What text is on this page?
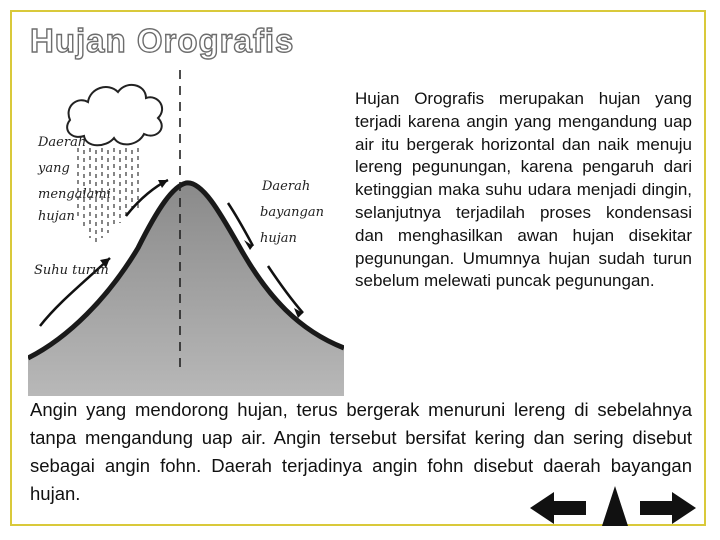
Hujan Orografis
Daerah yang mengalami hujan
Suhu turun
Daerah bayangan hujan

Hujan Orografis merupakan hujan yang terjadi karena angin yang mengandung uap air itu bergerak horizontal dan naik menuju lereng pegunungan, karena pengaruh dari ketinggian maka suhu udara menjadi dingin, selanjutnya terjadilah proses kondensasi dan menghasilkan awan hujan disekitar pegunungan. Umumnya hujan sudah turun sebelum melewati puncak pegunungan.

Angin yang mendorong hujan, terus bergerak menuruni lereng di sebelahnya tanpa mengandung uap air. Angin tersebut bersifat kering dan sering disebut sebagai angin fohn. Daerah terjadinya angin fohn disebut daerah bayangan hujan.
